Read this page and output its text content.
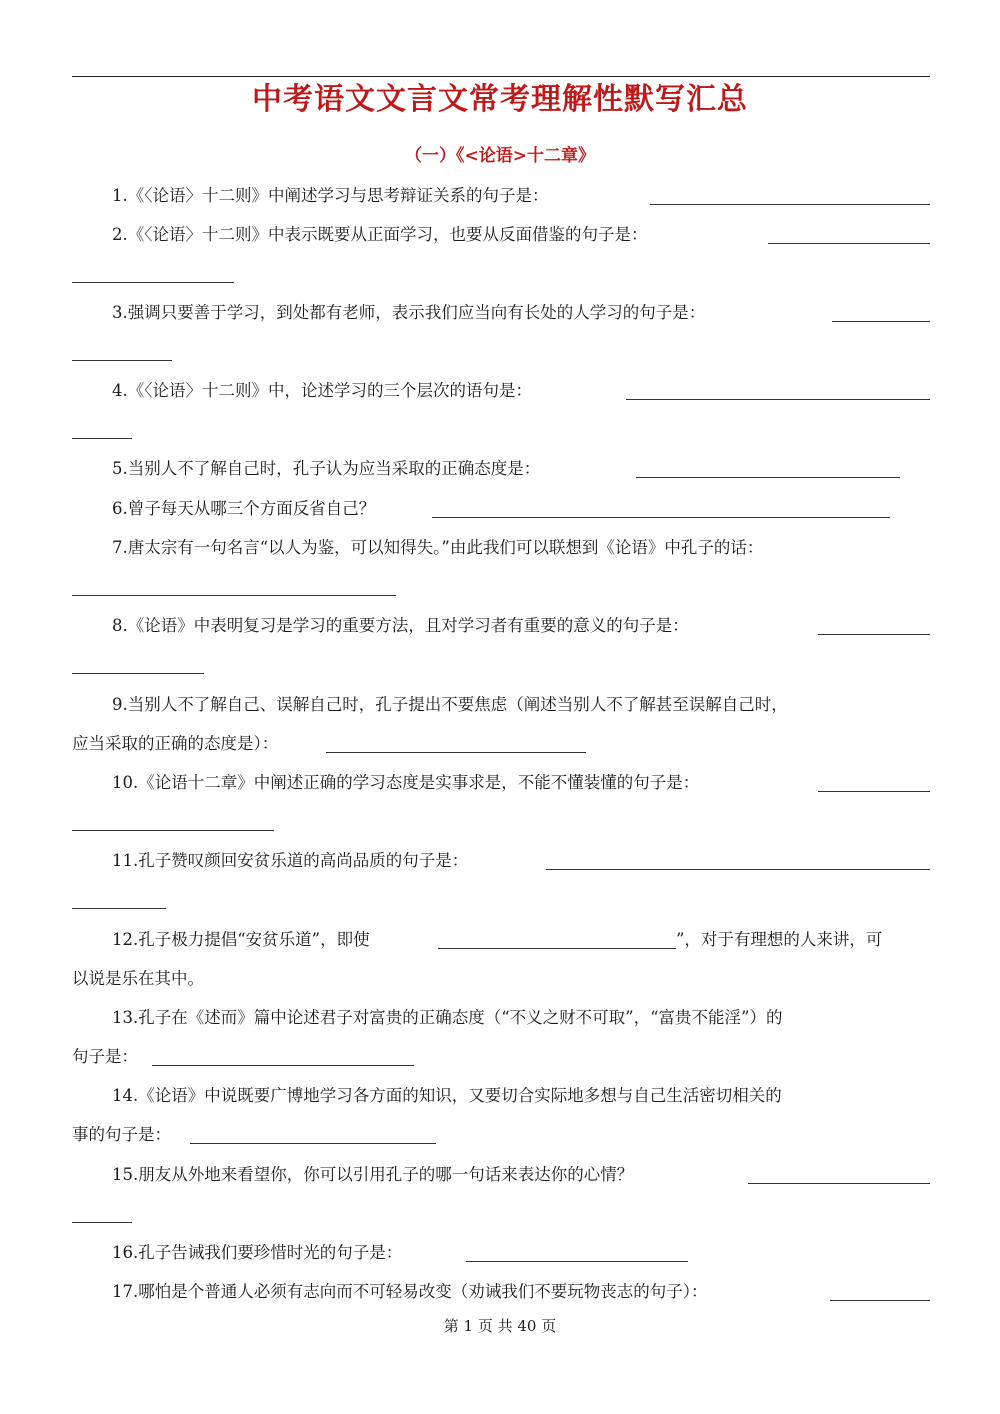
中考语文文言文常考理解性默写汇总
（一）《<论语>十二章》
1.《〈论语〉十二则》中阐述学习与思考辩证关系的句子是：
2.《〈论语〉十二则》中表示既要从正面学习，也要从反面借鉴的句子是：
3.强调只要善于学习，到处都有老师，表示我们应当向有长处的人学习的句子是：
4.《〈论语〉十二则》中，论述学习的三个层次的语句是：
5.当别人不了解自己时，孔子认为应当采取的正确态度是：
6.曾子每天从哪三个方面反省自己？
7.唐太宗有一句名言“以人为鉴，可以知得失。”由此我们可以联想到《论语》中孔子的话：
8.《论语》中表明复习是学习的重要方法，且对学习者有重要的意义的句子是：
9.当别人不了解自己、误解自己时，孔子提出不要焦虑（阐述当别人不了解甚至误解自己时，
应当采取的正确的态度是）：
10.《论语十二章》中阐述正确的学习态度是实事求是，不能不懂装懂的句子是：
11.孔子赞叹颜回安贫乐道的高尚品质的句子是：
12.孔子极力提倡“安贫乐道”，即使	”，对于有理想的人来讲，可
以说是乐在其中。
13.孔子在《述而》篇中论述君子对富贵的正确态度（“不义之财不可取”，“富贵不能淫”）的
句子是：
14.《论语》中说既要广博地学习各方面的知识，又要切合实际地多想与自己生活密切相关的
事的句子是：
15.朋友从外地来看望你，你可以引用孔子的哪一句话来表达你的心情？
16.孔子告诫我们要珍惜时光的句子是：
17.哪怕是个普通人必须有志向而不可轻易改变（劝诫我们不要玩物丧志的句子）：
第 1 页 共 40 页
